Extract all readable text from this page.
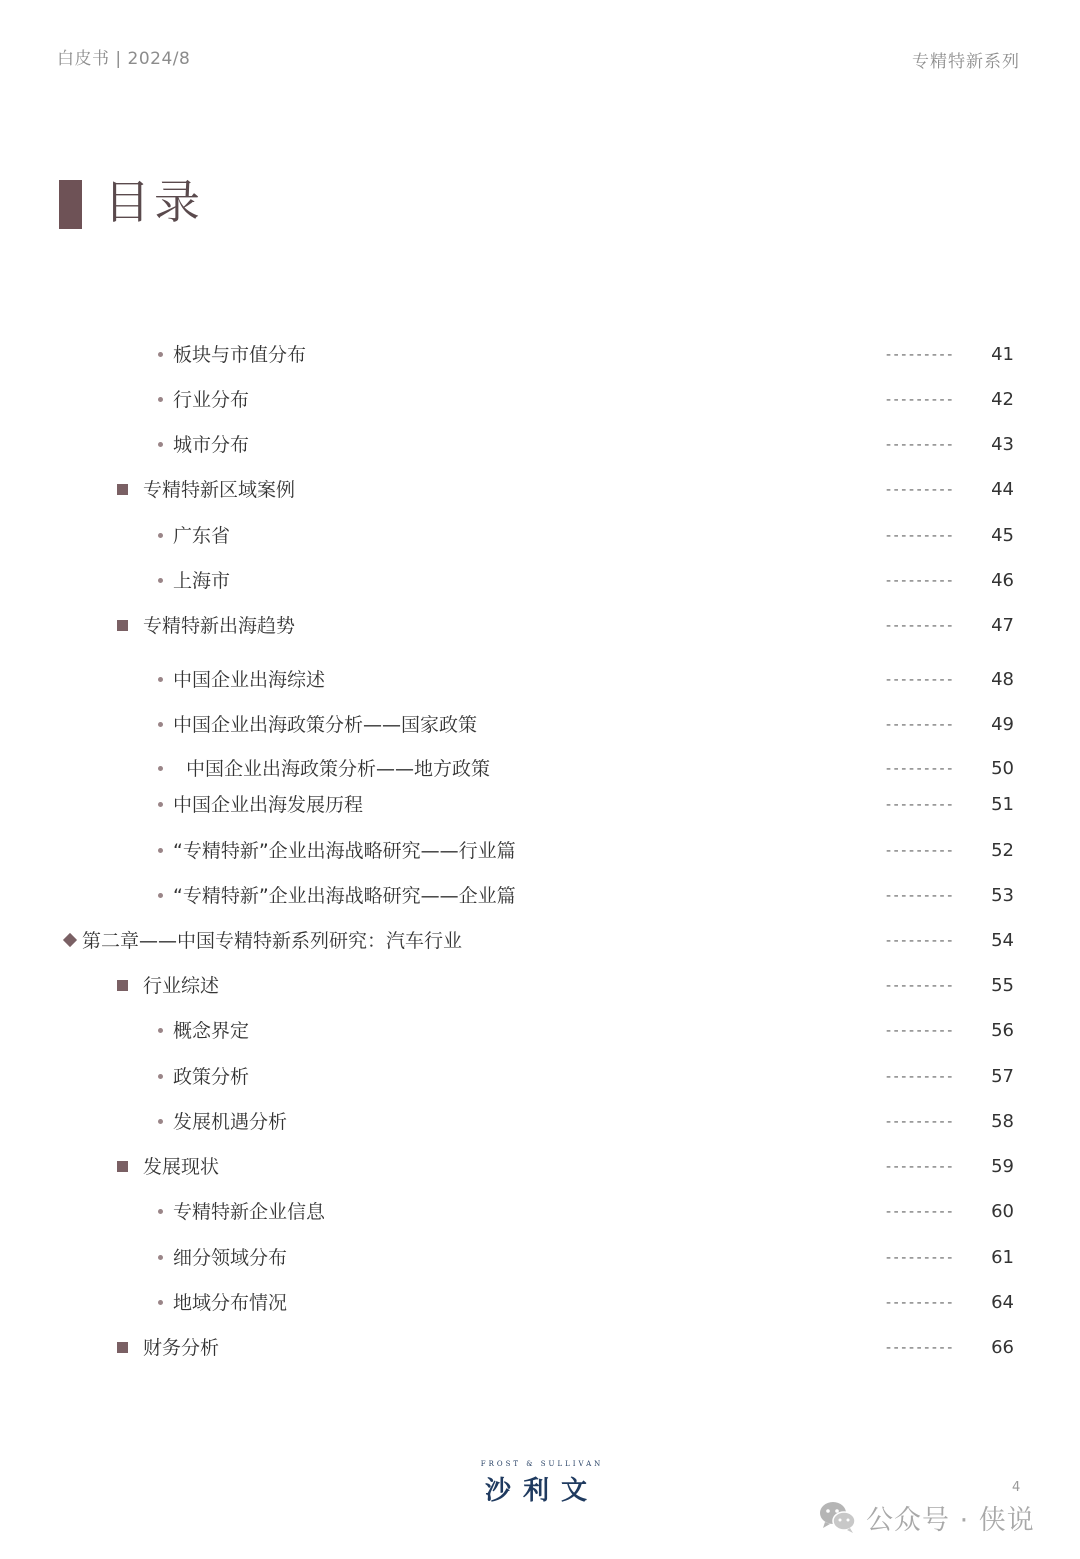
白皮书 | 2024/8	专精特新系列
目录
板块与市值分布	--------- 41
行业分布	--------- 42
城市分布	--------- 43
专精特新区域案例	--------- 44
广东省	--------- 45
上海市	--------- 46
专精特新出海趋势	--------- 47
中国企业出海综述	--------- 48
中国企业出海政策分析——国家政策	--------- 49
中国企业出海政策分析——地方政策	--------- 50
中国企业出海发展历程	--------- 51
“专精特新”企业出海战略研究——行业篇	--------- 52
“专精特新”企业出海战略研究——企业篇	--------- 53
第二章——中国专精特新系列研究：汽车行业	--------- 54
行业综述	--------- 55
概念界定	--------- 56
政策分析	--------- 57
发展机遇分析	--------- 58
发展现状	--------- 59
专精特新企业信息	--------- 60
细分领域分布	--------- 61
地域分布情况	--------- 64
财务分析	--------- 66
FROST & SULLIVAN
沙利文	4
公众号 · 侠说
